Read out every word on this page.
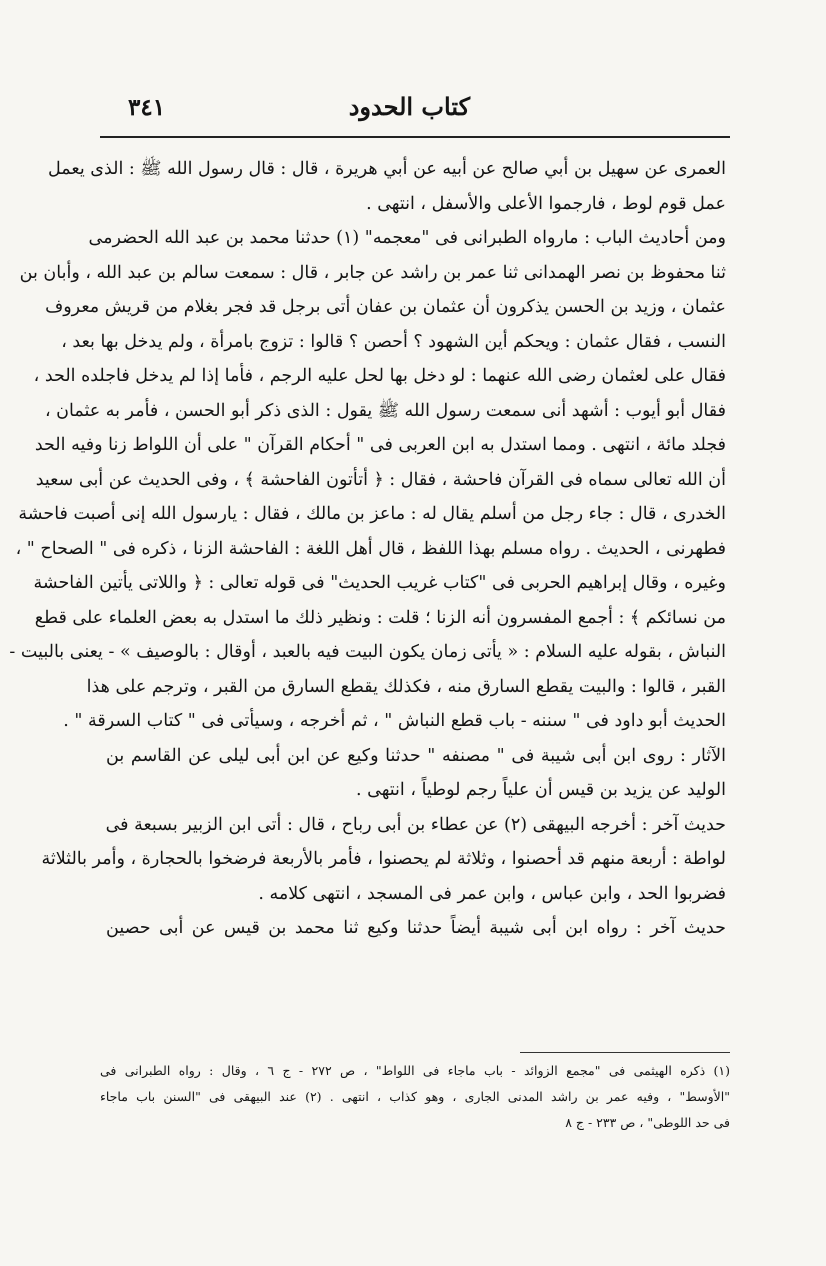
كتاب الحدود
٣٤١
العمرى عن سهيل بن أبي صالح عن أبيه عن أبي هريرة ، قال : قال رسول الله ﷺ : الذى يعمل
عمل قوم لوط ، فارجموا الأعلى والأسفل ، انتهى .
ومن أحاديث الباب : مارواه الطبرانى فى "معجمه" (١) حدثنا محمد بن عبد الله الحضرمى
ثنا محفوظ بن نصر الهمدانى ثنا عمر بن راشد عن جابر ، قال : سمعت سالم بن عبد الله ، وأبان بن
عثمان ، وزيد بن الحسن يذكرون أن عثمان بن عفان أتى برجل قد فجر بغلام من قريش معروف
النسب ، فقال عثمان : ويحكم أين الشهود ؟ أحصن ؟ قالوا : تزوج بامرأة ، ولم يدخل بها بعد ،
فقال على لعثمان رضى الله عنهما : لو دخل بها لحل عليه الرجم ، فأما إذا لم يدخل فاجلده الحد ،
فقال أبو أيوب : أشهد أنى سمعت رسول الله ﷺ يقول : الذى ذكر أبو الحسن ، فأمر به عثمان ،
فجلد مائة ، انتهى . ومما استدل به ابن العربى فى " أحكام القرآن " على أن اللواط زنا وفيه الحد
أن الله تعالى سماه فى القرآن فاحشة ، فقال : ﴿ أتأتون الفاحشة ﴾ ، وفى الحديث عن أبى سعيد
الخدرى ، قال : جاء رجل من أسلم يقال له : ماعز بن مالك ، فقال : يارسول الله إنى أصبت فاحشة
فطهرنى ، الحديث . رواه مسلم بهذا اللفظ ، قال أهل اللغة : الفاحشة الزنا ، ذكره فى " الصحاح " ،
وغيره ، وقال إبراهيم الحربى فى "كتاب غريب الحديث" فى قوله تعالى : ﴿ واللاتى يأتين الفاحشة
من نسائكم ﴾ : أجمع المفسرون أنه الزنا ؛ قلت : ونظير ذلك ما استدل به بعض العلماء على قطع
النباش ، بقوله عليه السلام : « يأتى زمان يكون البيت فيه بالعبد ، أوقال : بالوصيف » - يعنى بالبيت -
القبر ، قالوا : والبيت يقطع السارق منه ، فكذلك يقطع السارق من القبر ، وترجم على هذا
الحديث أبو داود فى " سننه - باب قطع النباش " ، ثم أخرجه ، وسيأتى فى " كتاب السرقة " .
الآثار : روى ابن أبى شيبة فى " مصنفه " حدثنا وكيع عن ابن أبى ليلى عن القاسم بن
الوليد عن يزيد بن قيس أن علياً رجم لوطياً ، انتهى .
حديث آخر : أخرجه البيهقى (٢) عن عطاء بن أبى رباح ، قال : أتى ابن الزبير بسبعة فى
لواطة : أربعة منهم قد أحصنوا ، وثلاثة لم يحصنوا ، فأمر بالأربعة فرضخوا بالحجارة ، وأمر بالثلاثة
فضربوا الحد ، وابن عباس ، وابن عمر فى المسجد ، انتهى كلامه .
حديث آخر : رواه ابن أبى شيبة أيضاً حدثنا وكيع ثنا محمد بن قيس عن أبى حصين
(١) ذكره الهيثمى فى "مجمع الزوائد - باب ماجاء فى اللواط" ، ص ٢٧٢ - ج ٦ ، وقال : رواه الطبرانى فى
"الأوسط" ، وفيه عمر بن راشد المدنى الجارى ، وهو كذاب ، انتهى . (٢) عند البيهقى فى "السنن باب ماجاء
فى حد اللوطى" ، ص ٢٣٣ - ج ٨
